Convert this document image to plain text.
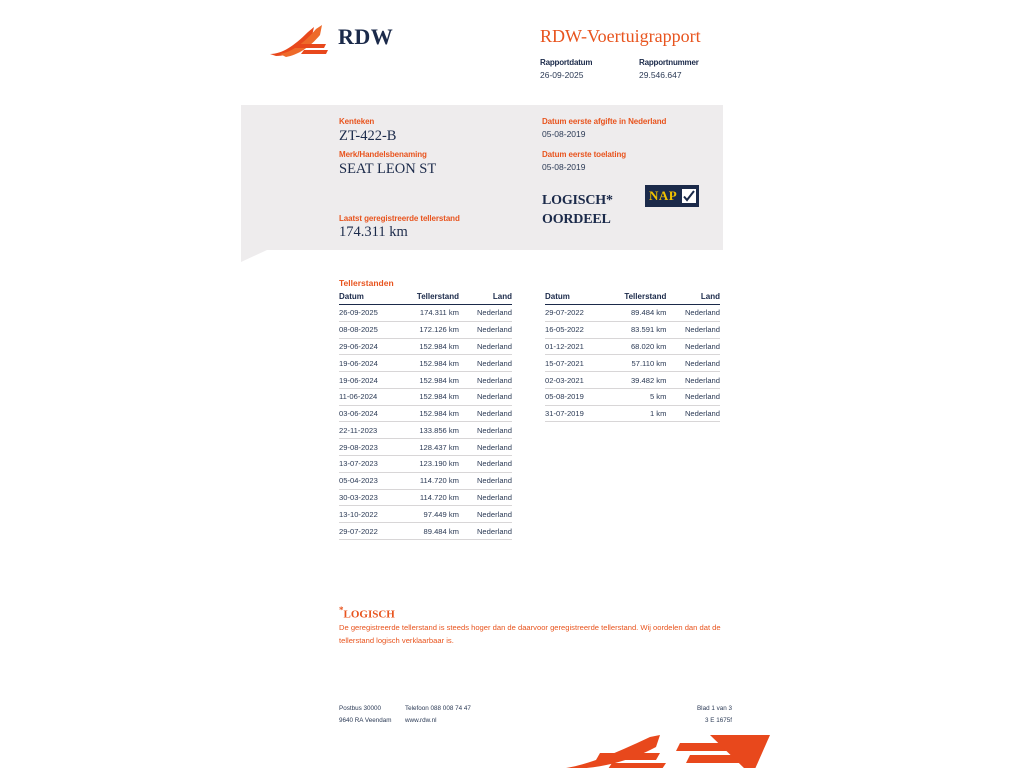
RDW	RDW-Voertuigrapport
Rapportdatum
26-09-2025
Rapportnummer
29.546.647
Kenteken
ZT-422-B
Merk/Handelsbenaming
SEAT LEON ST
Laatst geregistreerde tellerstand
174.311 km
Datum eerste afgifte in Nederland
05-08-2019
Datum eerste toelating
05-08-2019
LOGISCH*
OORDEEL
NAP
Tellerstanden
Datum	Tellerstand	Land
26-09-2025	174.311 km	Nederland
08-08-2025	172.126 km	Nederland
29-06-2024	152.984 km	Nederland
19-06-2024	152.984 km	Nederland
19-06-2024	152.984 km	Nederland
11-06-2024	152.984 km	Nederland
03-06-2024	152.984 km	Nederland
22-11-2023	133.856 km	Nederland
29-08-2023	128.437 km	Nederland
13-07-2023	123.190 km	Nederland
05-04-2023	114.720 km	Nederland
30-03-2023	114.720 km	Nederland
13-10-2022	97.449 km	Nederland
29-07-2022	89.484 km	Nederland
Datum	Tellerstand	Land
29-07-2022	89.484 km	Nederland
16-05-2022	83.591 km	Nederland
01-12-2021	68.020 km	Nederland
15-07-2021	57.110 km	Nederland
02-03-2021	39.482 km	Nederland
05-08-2019	5 km	Nederland
31-07-2019	1 km	Nederland
*LOGISCH
De geregistreerde tellerstand is steeds hoger dan de daarvoor geregistreerde tellerstand. Wij oordelen dan dat de tellerstand logisch verklaarbaar is.
Postbus 30000
9640 RA Veendam
Telefoon 088 008 74 47
www.rdw.nl
Blad 1 van 3
3 E 1675f
